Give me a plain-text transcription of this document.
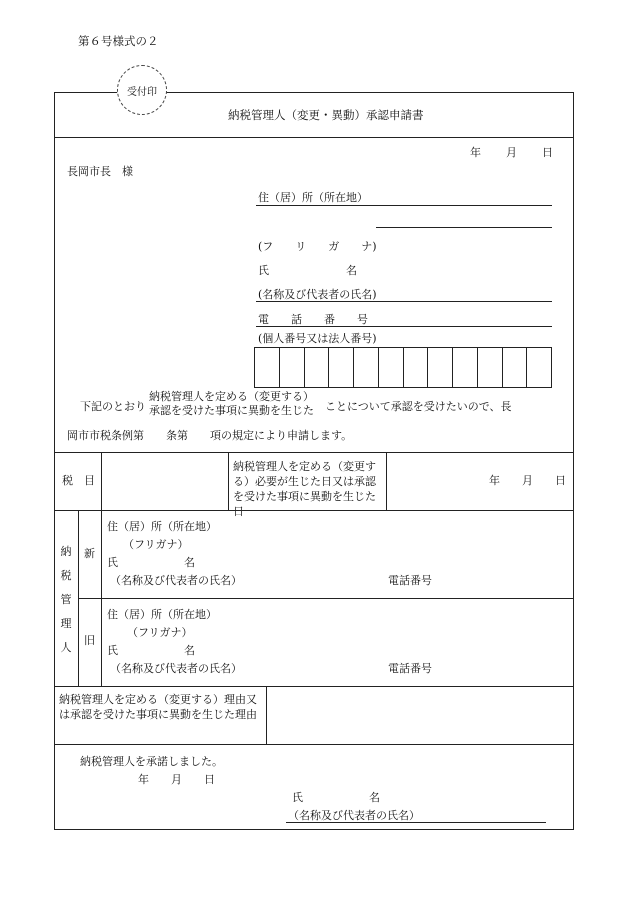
第６号様式の２
受付印
納税管理人（変更・異動）承認申請書
年 月 日
長岡市長　様
住（居）所（所在地）
(フ　　リ　　ガ　　ナ)
氏　　　　　　　名
(名称及び代表者の氏名)
電　　話　　番　　号
(個人番号又は法人番号)
下記のとおり
納税管理人を定める（変更する）
承認を受けた事項に異動を生じた ことについて承認を受けたいので、長
岡市市税条例第　　条第　　項の規定により申請します。
税　目
納税管理人を定める（変更する）必要が生じた日又は承認を受けた事項に異動を生じた日
年　　月　　日
納
税
管
理
人
新
住（居）所（所在地）
（フリガナ）
氏　　　　　　名
（名称及び代表者の氏名）	電話番号
旧
住（居）所（所在地）
（フリガナ）
氏　　　　　　名
（名称及び代表者の氏名）	電話番号
納税管理人を定める（変更する）理由又は承認を受けた事項に異動を生じた理由
納税管理人を承諾しました。
年　　月　　日
氏　　　　　　名
（名称及び代表者の氏名）
